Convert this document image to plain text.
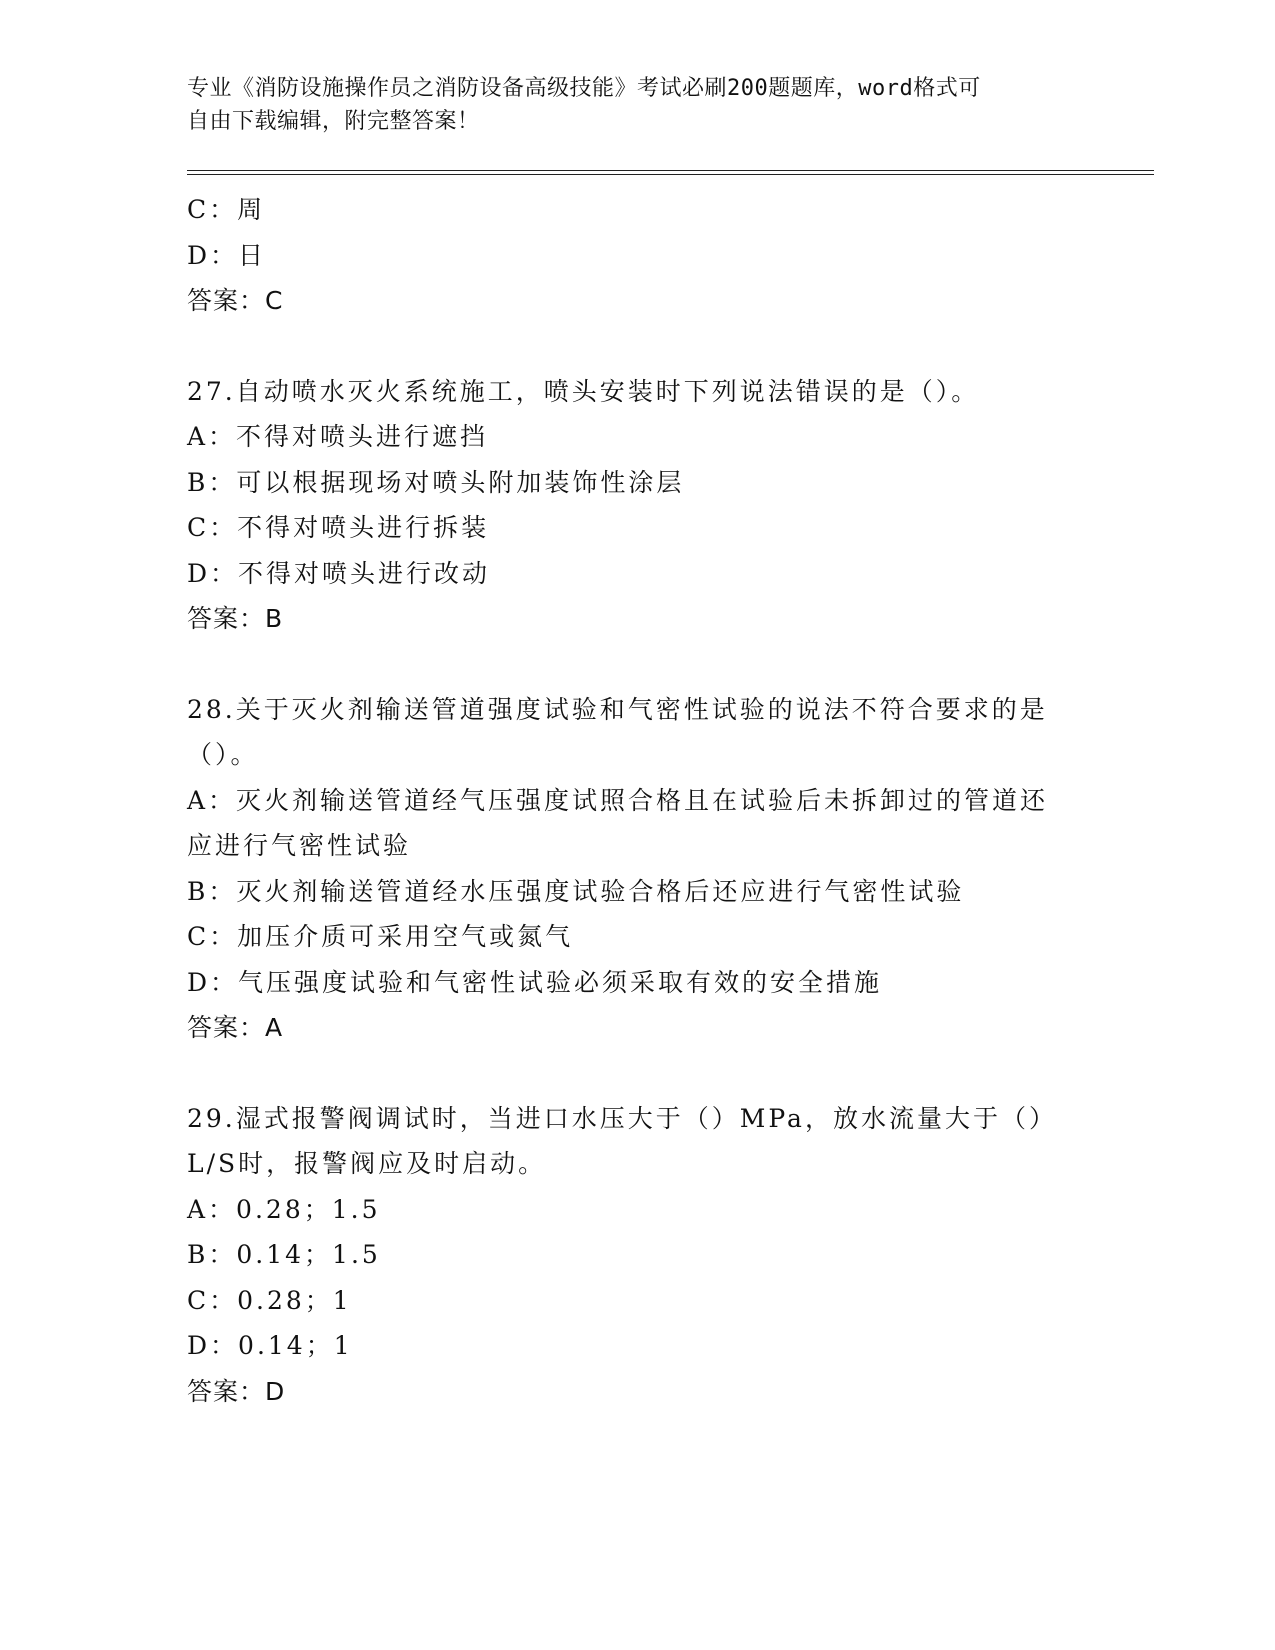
专业《消防设施操作员之消防设备高级技能》考试必刷200题题库，word格式可
自由下载编辑，附完整答案！
C：周
D：日
答案：C
27.自动喷水灭火系统施工，喷头安装时下列说法错误的是（）。
A：不得对喷头进行遮挡
B：可以根据现场对喷头附加装饰性涂层
C：不得对喷头进行拆装
D：不得对喷头进行改动
答案：B
28.关于灭火剂输送管道强度试验和气密性试验的说法不符合要求的是
（）。
A：灭火剂输送管道经气压强度试照合格且在试验后未拆卸过的管道还
应进行气密性试验
B：灭火剂输送管道经水压强度试验合格后还应进行气密性试验
C：加压介质可采用空气或氮气
D：气压强度试验和气密性试验必须采取有效的安全措施
答案：A
29.湿式报警阀调试时，当进口水压大于（）MPa，放水流量大于（）
L/S时，报警阀应及时启动。
A：0.28；1.5
B：0.14；1.5
C：0.28；1
D：0.14；1
答案：D
